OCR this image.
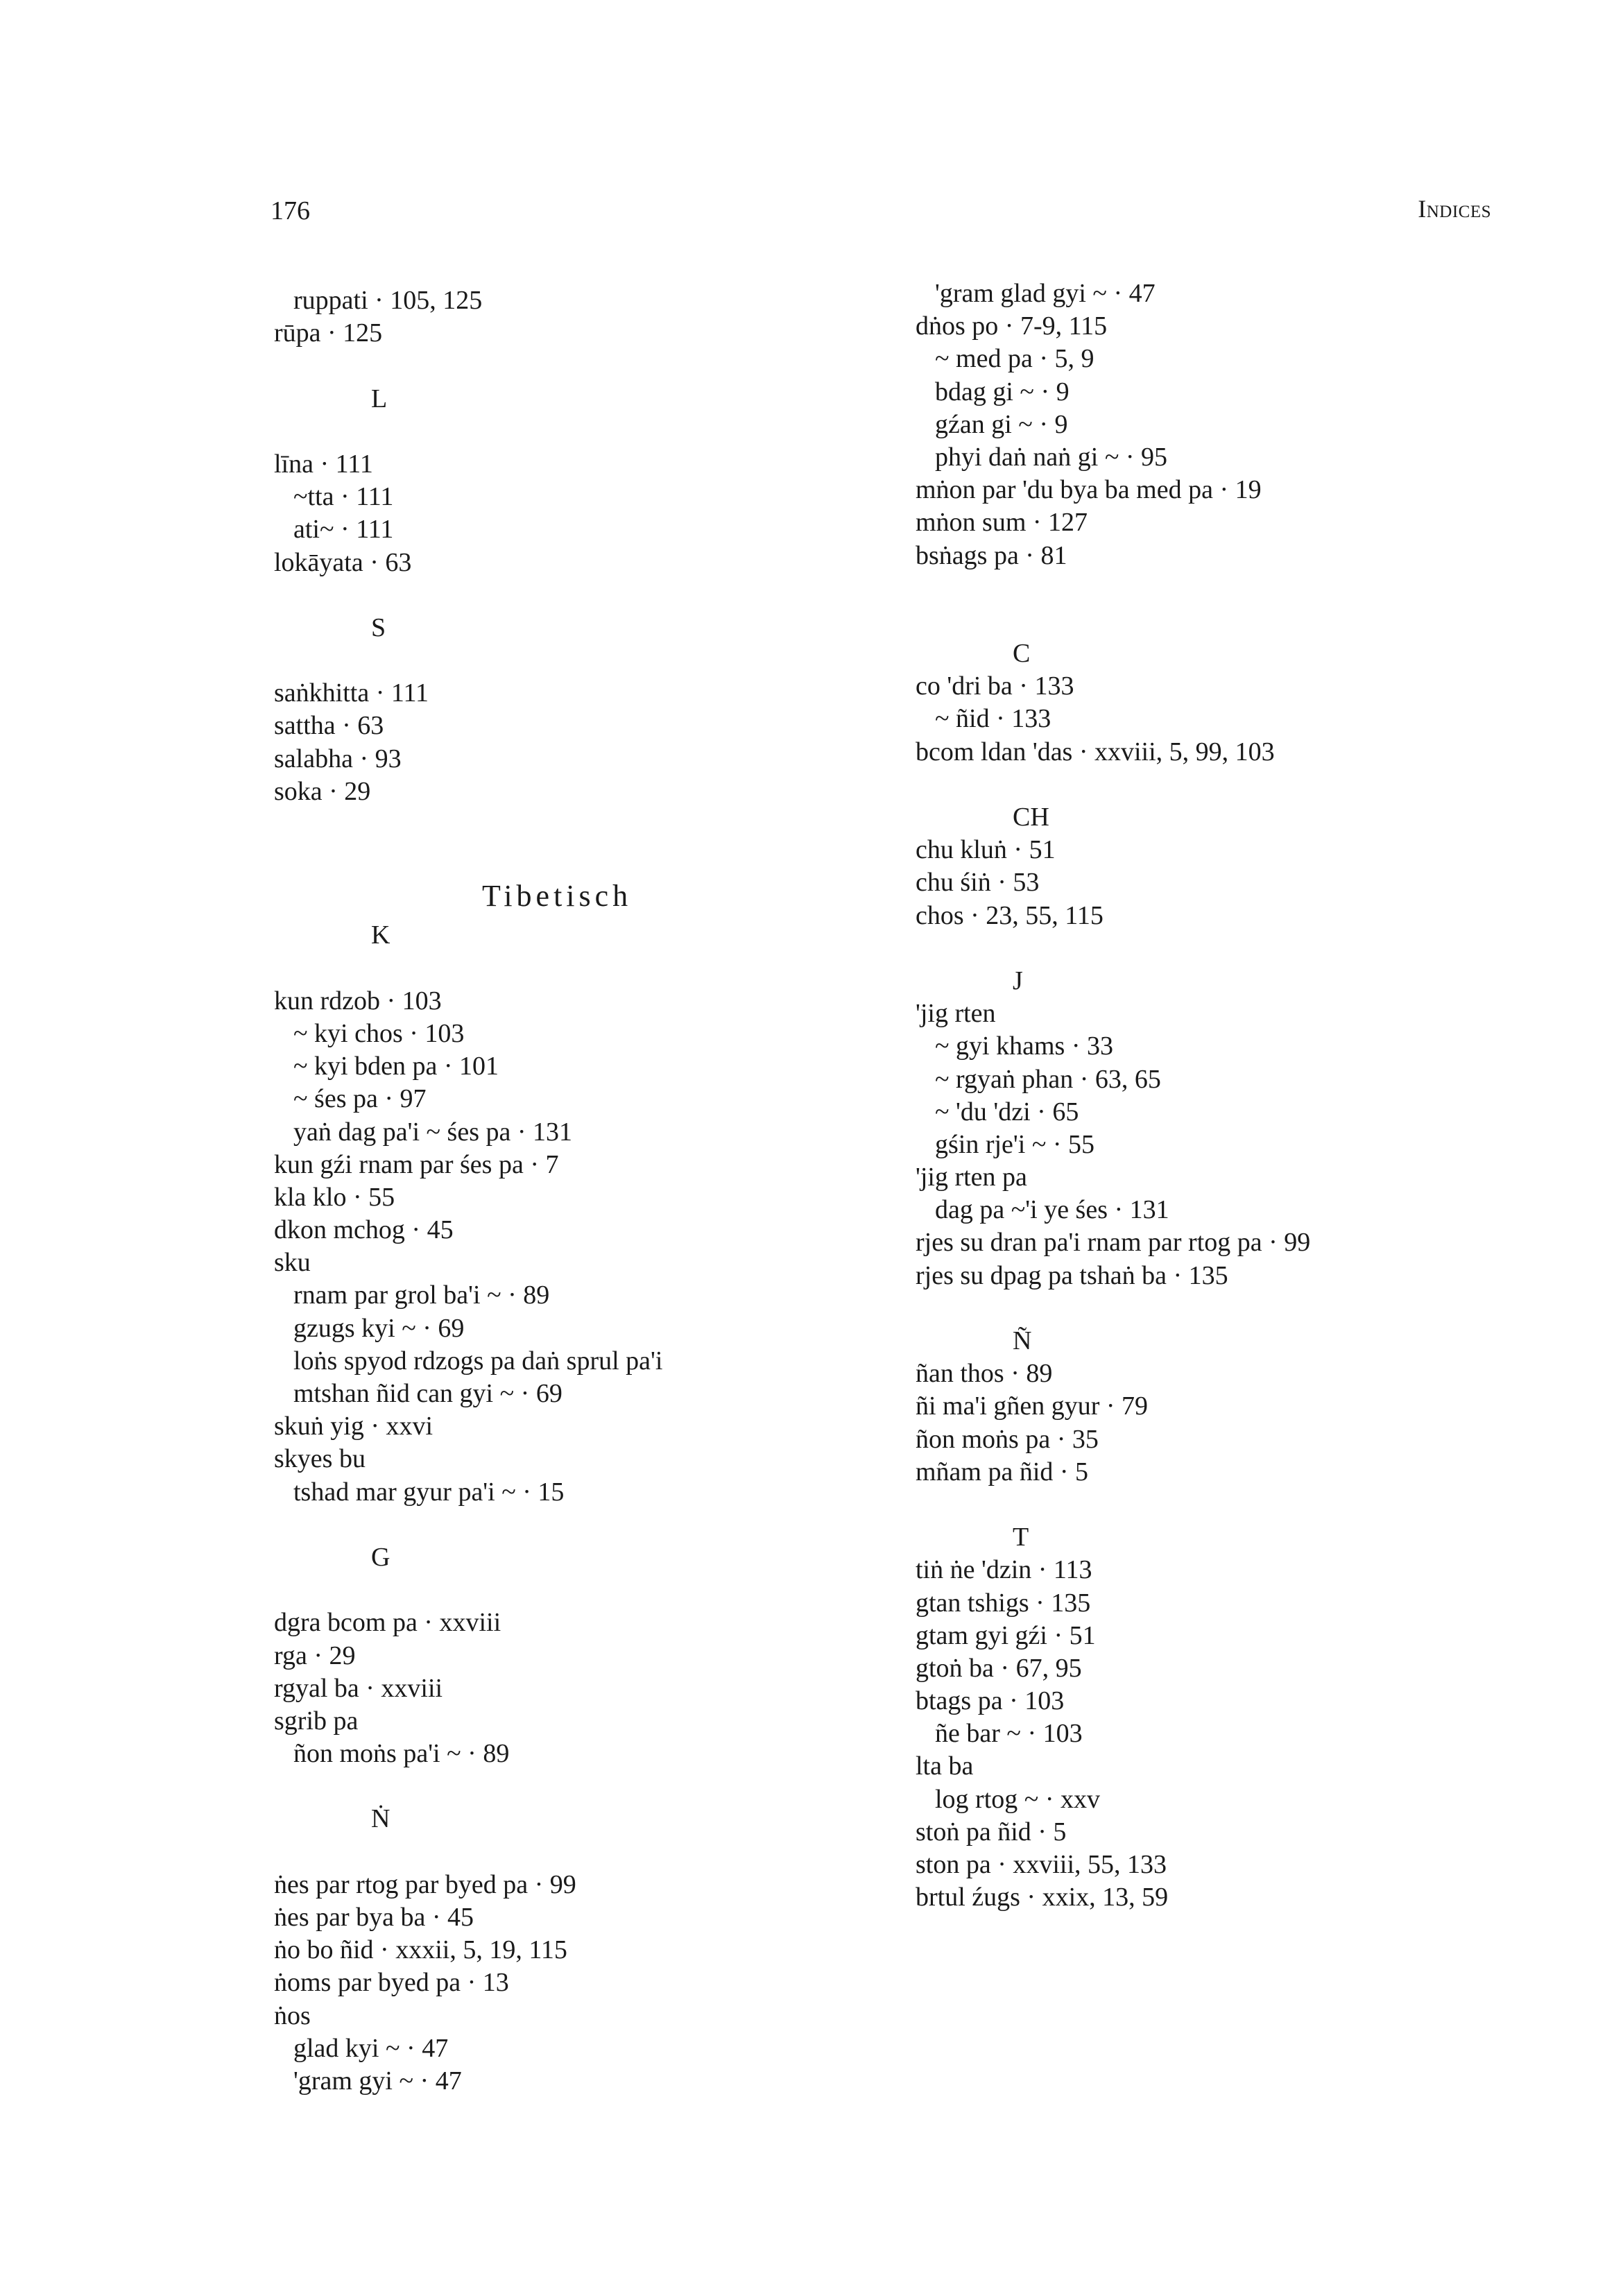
176	Indices
ruppati · 105, 125
rūpa · 125
L
līna · 111
~tta · 111
ati~ · 111
lokāyata · 63
S
saṅkhitta · 111
sattha · 63
salabha · 93
soka · 29
Tibetisch
K
kun rdzob · 103
~ kyi chos · 103
~ kyi bden pa · 101
~ śes pa · 97
yaṅ dag pa'i ~ śes pa · 131
kun gźi rnam par śes pa · 7
kla klo · 55
dkon mchog · 45
sku
rnam par grol ba'i ~ · 89
gzugs kyi ~ · 69
loṅs spyod rdzogs pa daṅ sprul pa'i
mtshan ñid can gyi ~ · 69
skuṅ yig · xxvi
skyes bu
tshad mar gyur pa'i ~ · 15
G
dgra bcom pa · xxviii
rga · 29
rgyal ba · xxviii
sgrib pa
ñon moṅs pa'i ~ · 89
Ṅ
ṅes par rtog par byed pa · 99
ṅes par bya ba · 45
ṅo bo ñid · xxxii, 5, 19, 115
ṅoms par byed pa · 13
ṅos
glad kyi ~ · 47
'gram gyi ~ · 47
'gram glad gyi ~ · 47
dṅos po · 7-9, 115
~ med pa · 5, 9
bdag gi ~ · 9
gźan gi ~ · 9
phyi daṅ naṅ gi ~ · 95
mṅon par 'du bya ba med pa · 19
mṅon sum · 127
bsṅags pa · 81
C
co 'dri ba · 133
~ ñid · 133
bcom ldan 'das · xxviii, 5, 99, 103
CH
chu kluṅ · 51
chu śiṅ · 53
chos · 23, 55, 115
J
'jig rten
~ gyi khams · 33
~ rgyaṅ phan · 63, 65
~ 'du 'dzi · 65
gśin rje'i ~ · 55
'jig rten pa
dag pa ~'i ye śes · 131
rjes su dran pa'i rnam par rtog pa · 99
rjes su dpag pa tshaṅ ba · 135
Ñ
ñan thos · 89
ñi ma'i gñen gyur · 79
ñon moṅs pa · 35
mñam pa ñid · 5
T
tiṅ ṅe 'dzin · 113
gtan tshigs · 135
gtam gyi gźi · 51
gtoṅ ba · 67, 95
btags pa · 103
ñe bar ~ · 103
lta ba
log rtog ~ · xxv
stoṅ pa ñid · 5
ston pa · xxviii, 55, 133
brtul źugs · xxix, 13, 59
